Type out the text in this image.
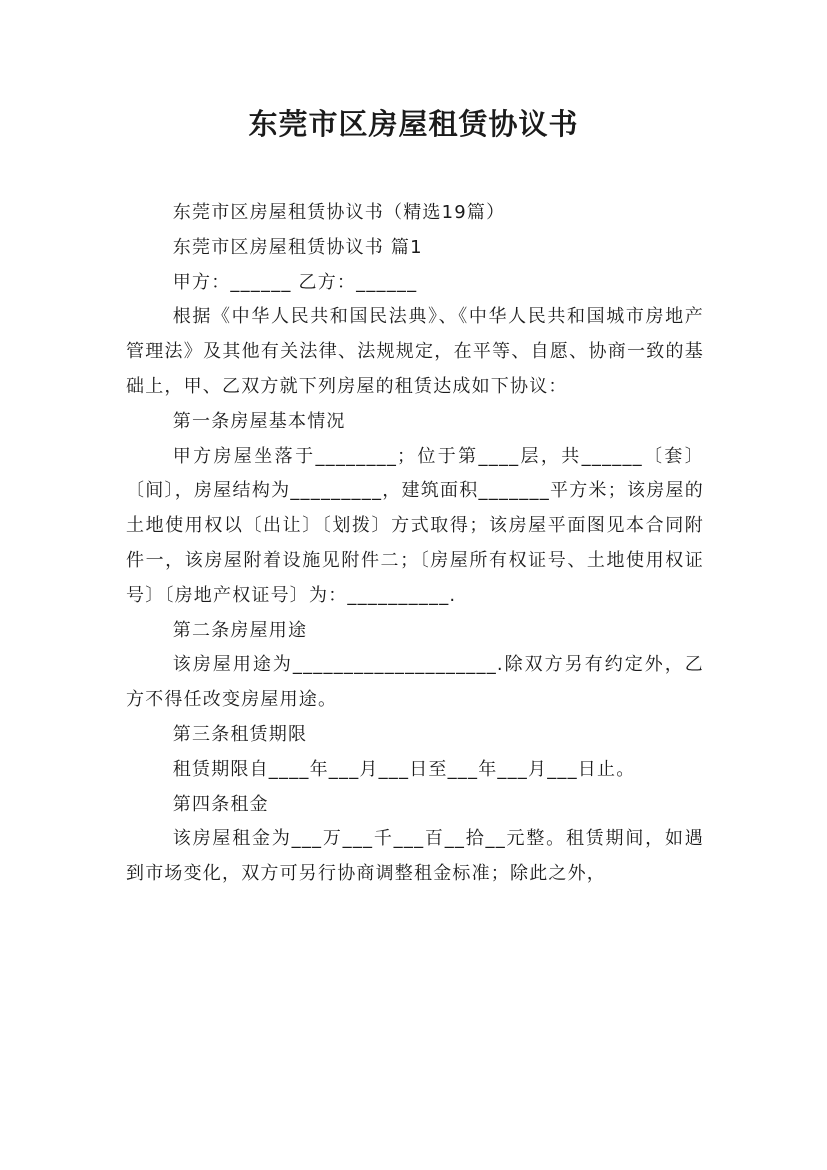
东莞市区房屋租赁协议书

东莞市区房屋租赁协议书（精选19篇）

东莞市区房屋租赁协议书 篇1

甲方：______ 乙方：______

根据《中华人民共和国民法典》、《中华人民共和国城市房地产管理法》及其他有关法律、法规规定，在平等、自愿、协商一致的基础上，甲、乙双方就下列房屋的租赁达成如下协议：

第一条房屋基本情况

甲方房屋坐落于________；位于第____层，共______〔套〕〔间〕，房屋结构为_________，建筑面积_______平方米；该房屋的土地使用权以〔出让〕〔划拨〕方式取得；该房屋平面图见本合同附件一，该房屋附着设施见附件二；〔房屋所有权证号、土地使用权证号〕〔房地产权证号〕为：__________.

第二条房屋用途

该房屋用途为____________________.除双方另有约定外，乙方不得任改变房屋用途。

第三条租赁期限

租赁期限自____年___月___日至___年___月___日止。

第四条租金

该房屋租金为___万___千___百__拾__元整。租赁期间，如遇到市场变化，双方可另行协商调整租金标准；除此之外，
